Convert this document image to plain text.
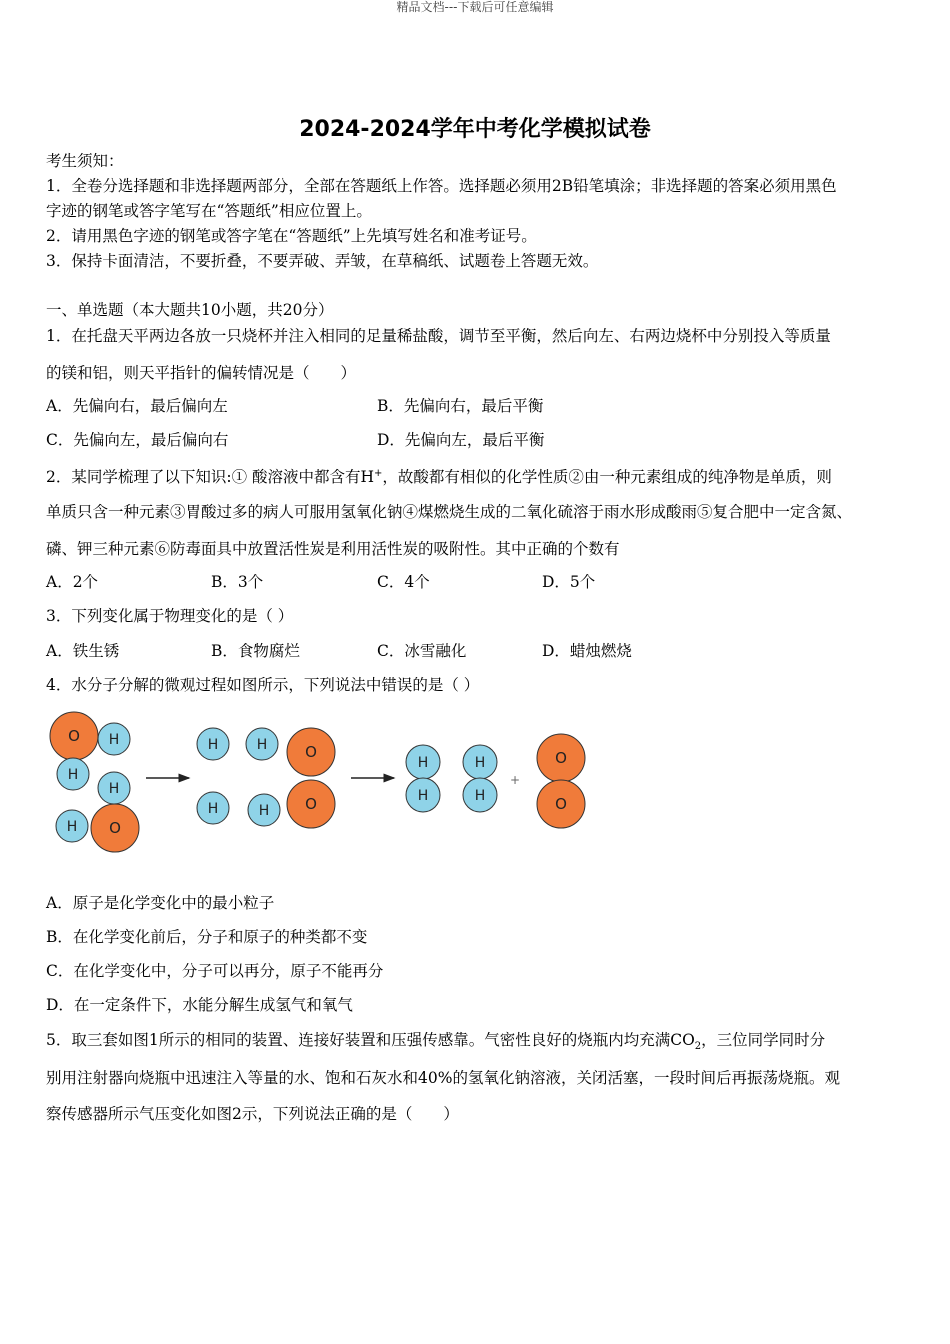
精品文档---下载后可任意编辑
2024-2024学年中考化学模拟试卷
考生须知：
1．全卷分选择题和非选择题两部分，全部在答题纸上作答。选择题必须用2B铅笔填涂；非选择题的答案必须用黑色
字迹的钢笔或答字笔写在“答题纸”相应位置上。
2．请用黑色字迹的钢笔或答字笔在“答题纸”上先填写姓名和准考证号。
3．保持卡面清洁，不要折叠，不要弄破、弄皱，在草稿纸、试题卷上答题无效。
一、单选题（本大题共10小题，共20分）
1．在托盘天平两边各放一只烧杯并注入相同的足量稀盐酸，调节至平衡，然后向左、右两边烧杯中分别投入等质量
的镁和铝，则天平指针的偏转情况是（　　）
A．先偏向右，最后偏向左	B．先偏向右，最后平衡
C．先偏向左，最后偏向右	D．先偏向左，最后平衡
2．某同学梳理了以下知识:① 酸溶液中都含有H+，故酸都有相似的化学性质②由一种元素组成的纯净物是单质，则
单质只含一种元素③胃酸过多的病人可服用氢氧化钠④煤燃烧生成的二氧化硫溶于雨水形成酸雨⑤复合肥中一定含氮、
磷、钾三种元素⑥防毒面具中放置活性炭是利用活性炭的吸附性。其中正确的个数有
A．2个	B．3个	C．4个	D．5个
3．下列变化属于物理变化的是（ ）
A．铁生锈	B．食物腐烂	C．冰雪融化	D．蜡烛燃烧
4．水分子分解的微观过程如图所示，下列说法中错误的是（ ）
O H
H
H
H O
H	H	O
H	H O
H
H
H
H
O
O
+
A．原子是化学变化中的最小粒子
B．在化学变化前后，分子和原子的种类都不变
C．在化学变化中，分子可以再分，原子不能再分
D．在一定条件下，水能分解生成氢气和氧气
5．取三套如图1所示的相同的装置、连接好装置和压强传感靠。气密性良好的烧瓶内均充满$CO_2$，三位同学同时分
别用注射器向烧瓶中迅速注入等量的水、饱和石灰水和40%的氢氧化钠溶液，关闭活塞，一段时间后再振荡烧瓶。观
察传感器所示气压变化如图2示，下列说法正确的是（　　）
